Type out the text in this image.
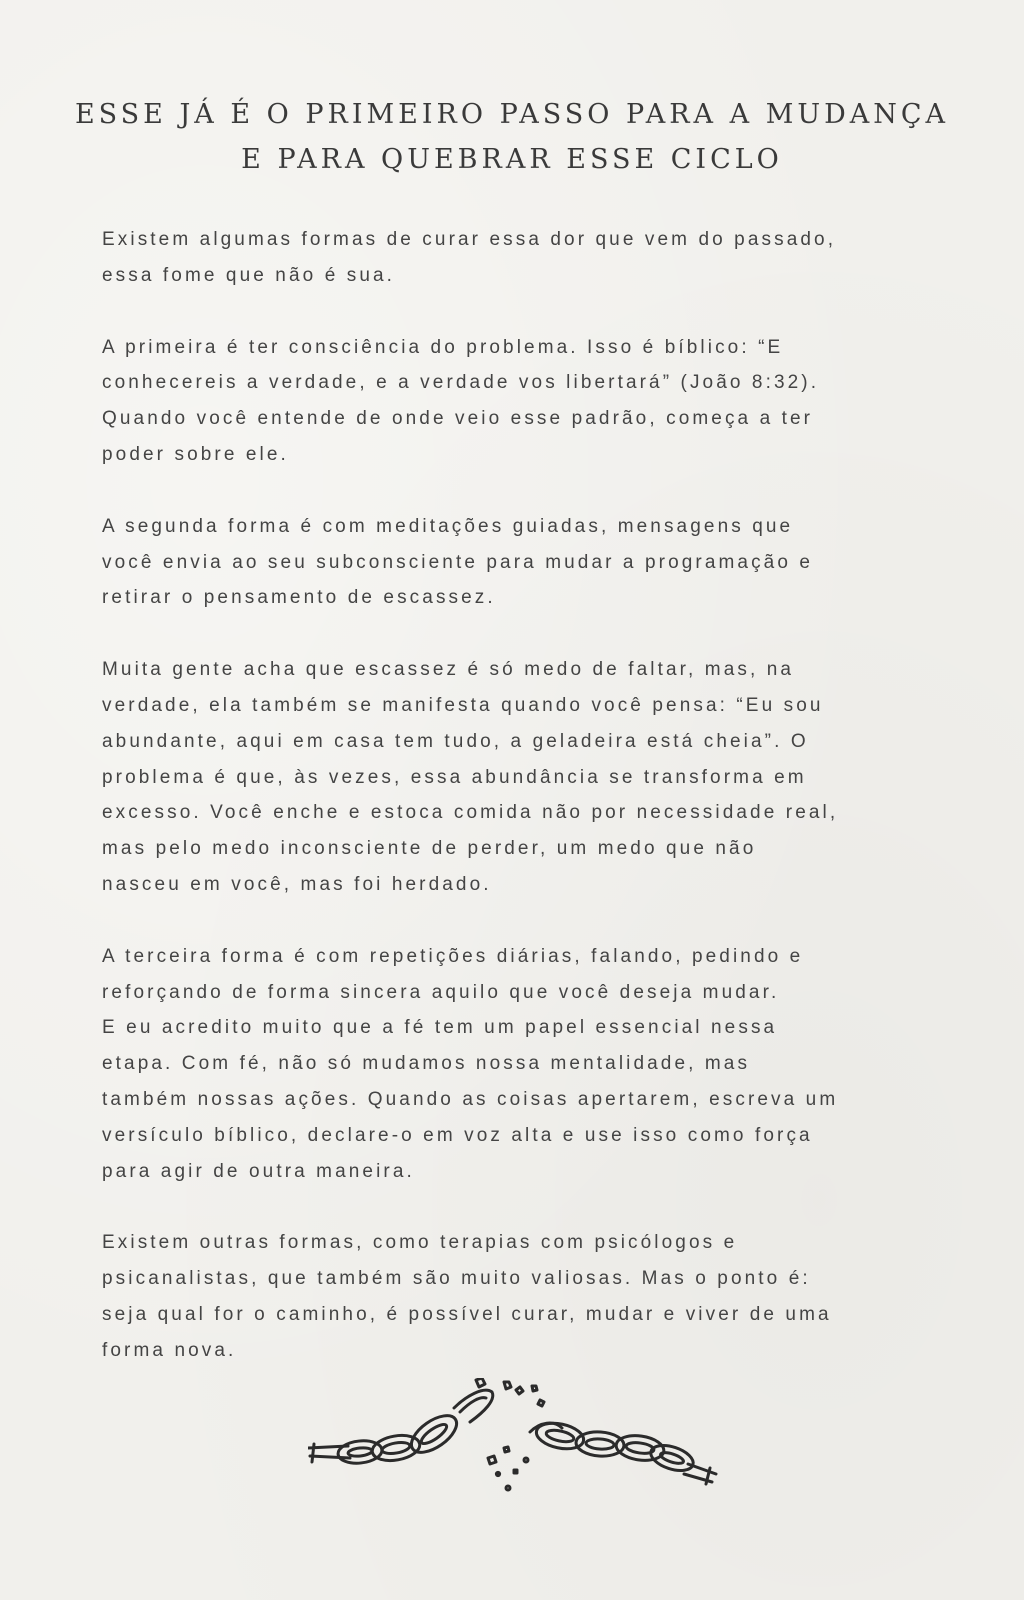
ESSE JÁ É O PRIMEIRO PASSO PARA A MUDANÇA
E PARA QUEBRAR ESSE CICLO

Existem algumas formas de curar essa dor que vem do passado,
essa fome que não é sua.

A primeira é ter consciência do problema. Isso é bíblico: “E
conhecereis a verdade, e a verdade vos libertará” (João 8:32).
Quando você entende de onde veio esse padrão, começa a ter
poder sobre ele.

A segunda forma é com meditações guiadas, mensagens que
você envia ao seu subconsciente para mudar a programação e
retirar o pensamento de escassez.

Muita gente acha que escassez é só medo de faltar, mas, na
verdade, ela também se manifesta quando você pensa: “Eu sou
abundante, aqui em casa tem tudo, a geladeira está cheia”. O
problema é que, às vezes, essa abundância se transforma em
excesso. Você enche e estoca comida não por necessidade real,
mas pelo medo inconsciente de perder, um medo que não
nasceu em você, mas foi herdado.

A terceira forma é com repetições diárias, falando, pedindo e
reforçando de forma sincera aquilo que você deseja mudar.
E eu acredito muito que a fé tem um papel essencial nessa
etapa. Com fé, não só mudamos nossa mentalidade, mas
também nossas ações. Quando as coisas apertarem, escreva um
versículo bíblico, declare-o em voz alta e use isso como força
para agir de outra maneira.

Existem outras formas, como terapias com psicólogos e
psicanalistas, que também são muito valiosas. Mas o ponto é:
seja qual for o caminho, é possível curar, mudar e viver de uma
forma nova.
